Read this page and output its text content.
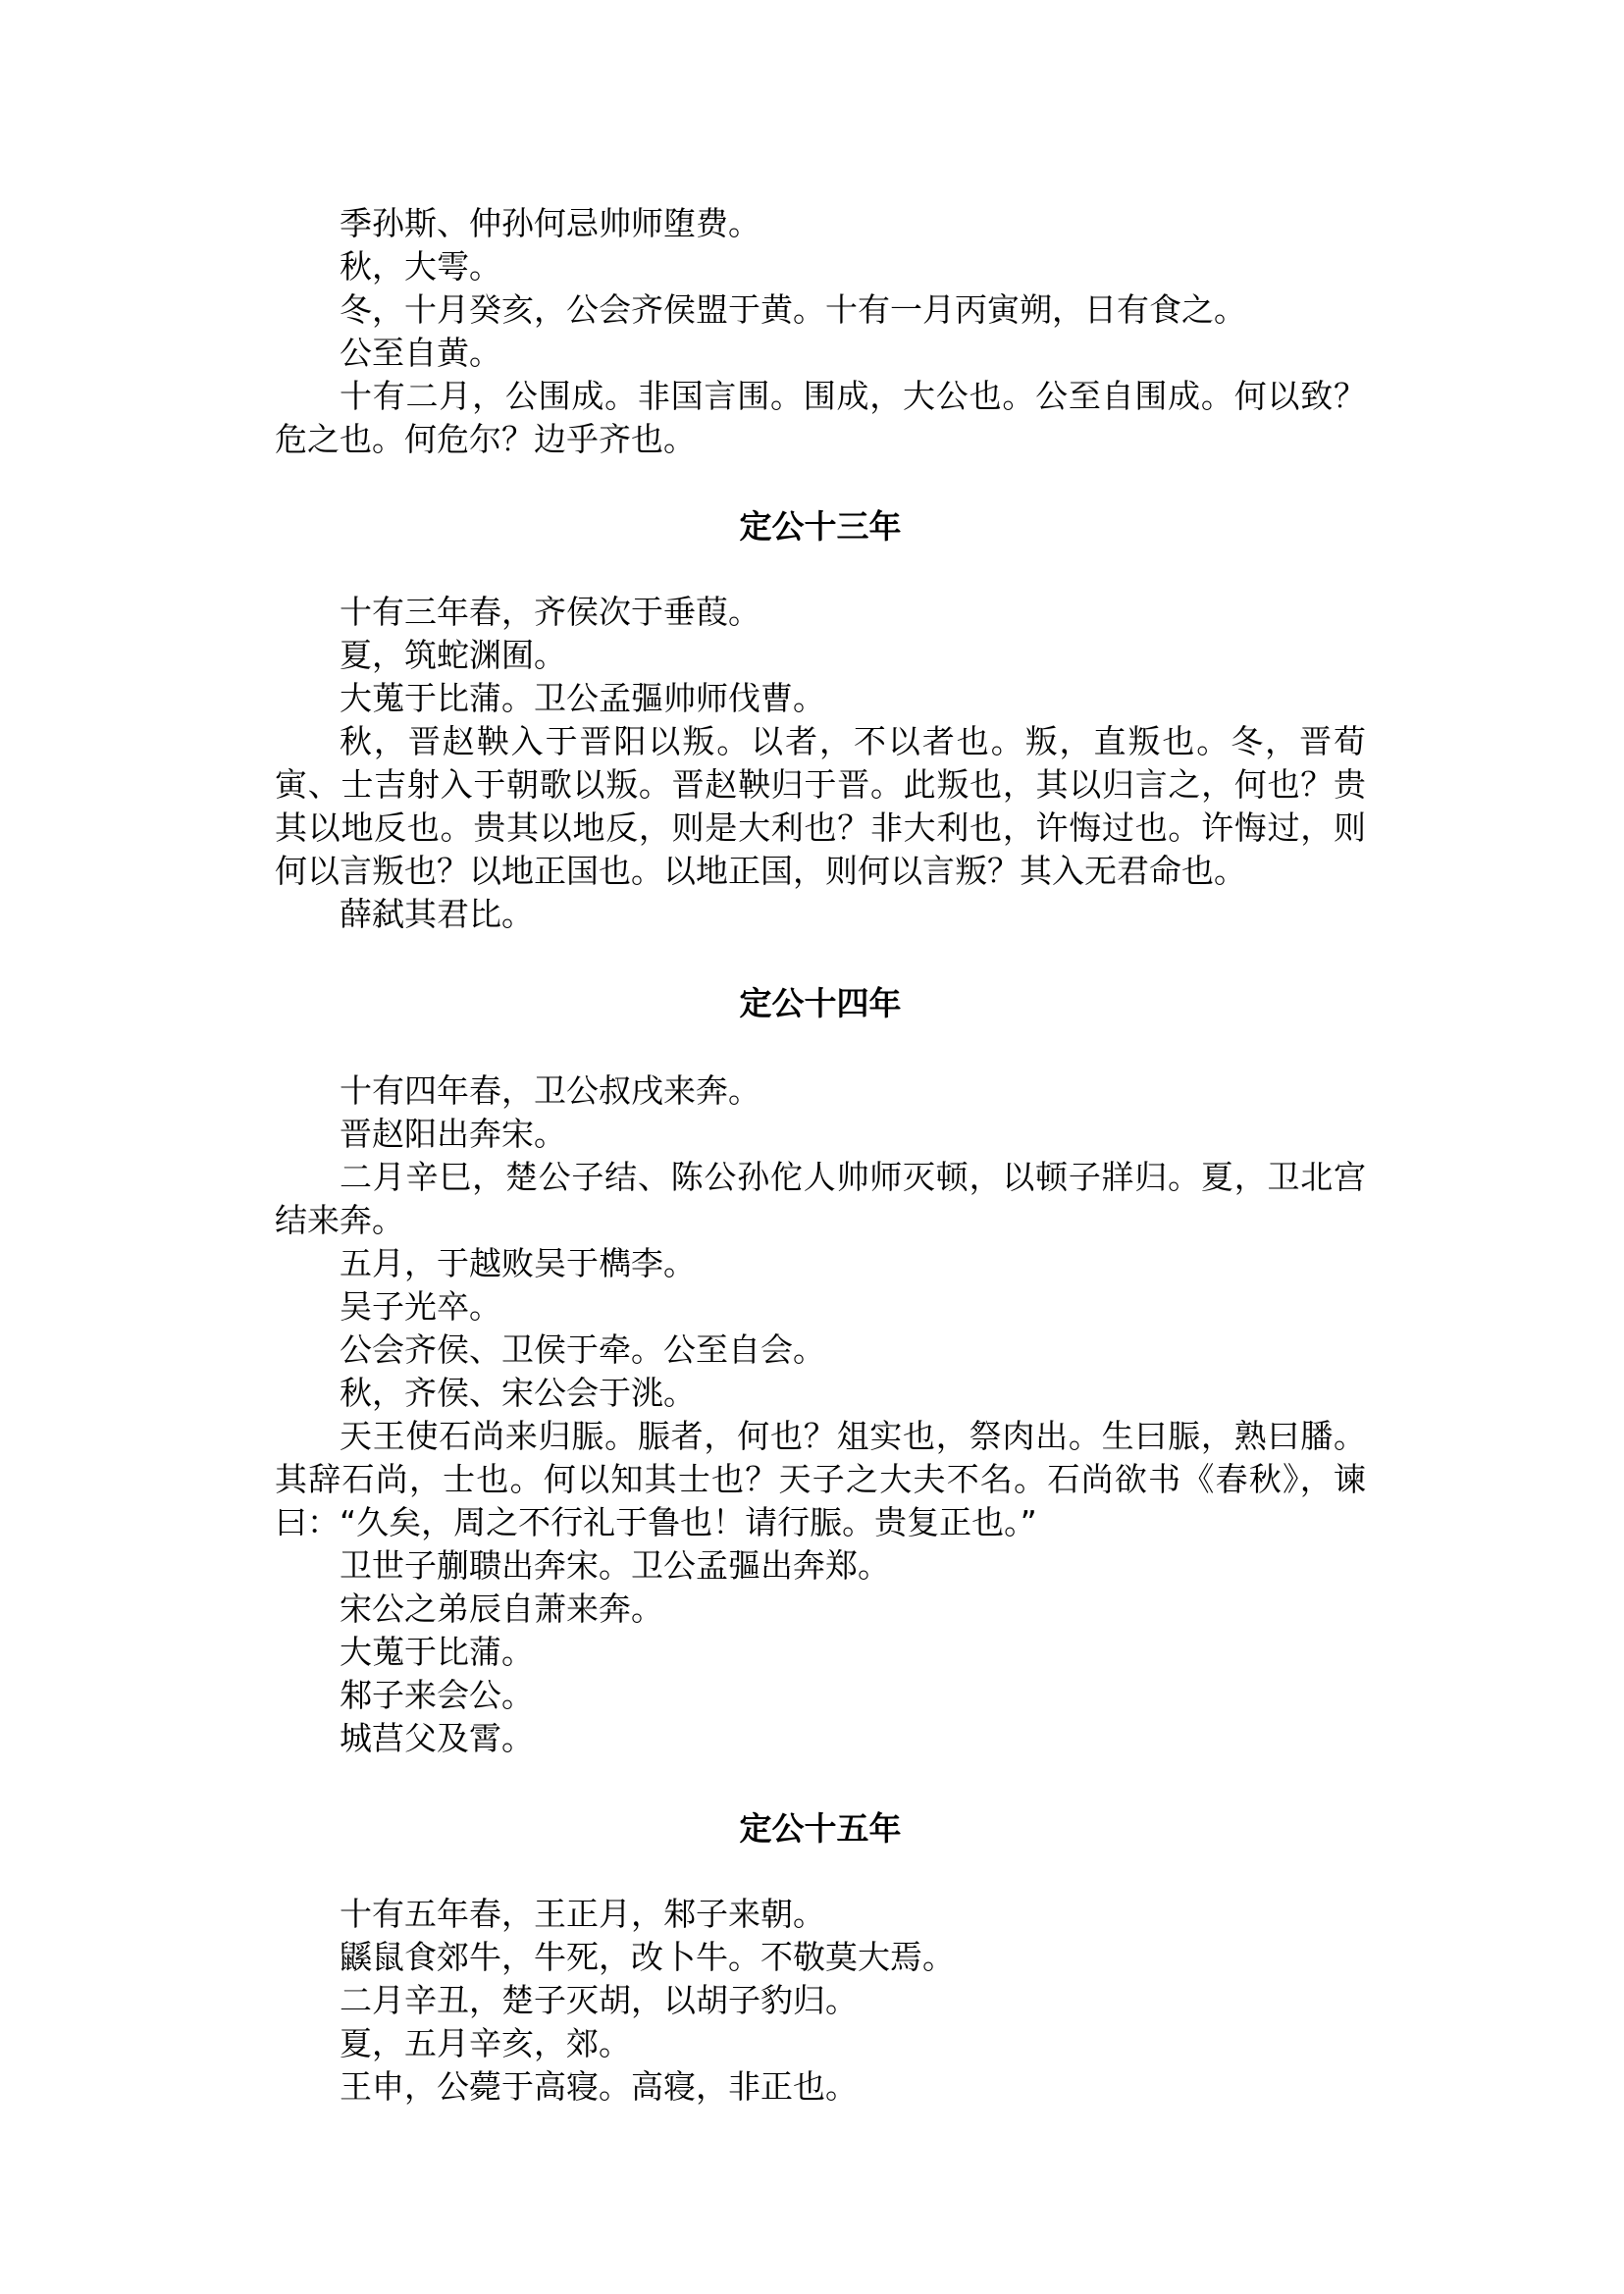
季孙斯、仲孙何忌帅师堕费。

秋，大雩。

冬，十月癸亥，公会齐侯盟于黄。十有一月丙寅朔，日有食之。

公至自黄。

十有二月，公围成。非国言围。围成，大公也。公至自围成。何以致？危之也。何危尔？边乎齐也。

定公十三年

十有三年春，齐侯次于垂葭。

夏，筑蛇渊囿。

大蒐于比蒲。卫公孟彄帅师伐曹。

秋，晋赵鞅入于晋阳以叛。以者，不以者也。叛，直叛也。冬，晋荀寅、士吉射入于朝歌以叛。晋赵鞅归于晋。此叛也，其以归言之，何也？贵其以地反也。贵其以地反，则是大利也？非大利也，许悔过也。许悔过，则何以言叛也？以地正国也。以地正国，则何以言叛？其入无君命也。

薛弑其君比。

定公十四年

十有四年春，卫公叔戌来奔。

晋赵阳出奔宋。

二月辛巳，楚公子结、陈公孙佗人帅师灭顿，以顿子牂归。夏，卫北宫结来奔。

五月，于越败吴于檇李。

吴子光卒。

公会齐侯、卫侯于牵。公至自会。

秋，齐侯、宋公会于洮。

天王使石尚来归脤。脤者，何也？俎实也，祭肉出。生曰脤，熟曰膰。其辞石尚，士也。何以知其士也？天子之大夫不名。石尚欲书《春秋》，谏曰：“久矣，周之不行礼于鲁也！请行脤。贵复正也。”

卫世子蒯聩出奔宋。卫公孟彄出奔郑。

宋公之弟辰自萧来奔。

大蒐于比蒲。

邾子来会公。

城莒父及霄。

定公十五年

十有五年春，王正月，邾子来朝。

鼷鼠食郊牛，牛死，改卜牛。不敬莫大焉。

二月辛丑，楚子灭胡，以胡子豹归。

夏，五月辛亥，郊。

王申，公薨于高寝。高寝，非正也。
